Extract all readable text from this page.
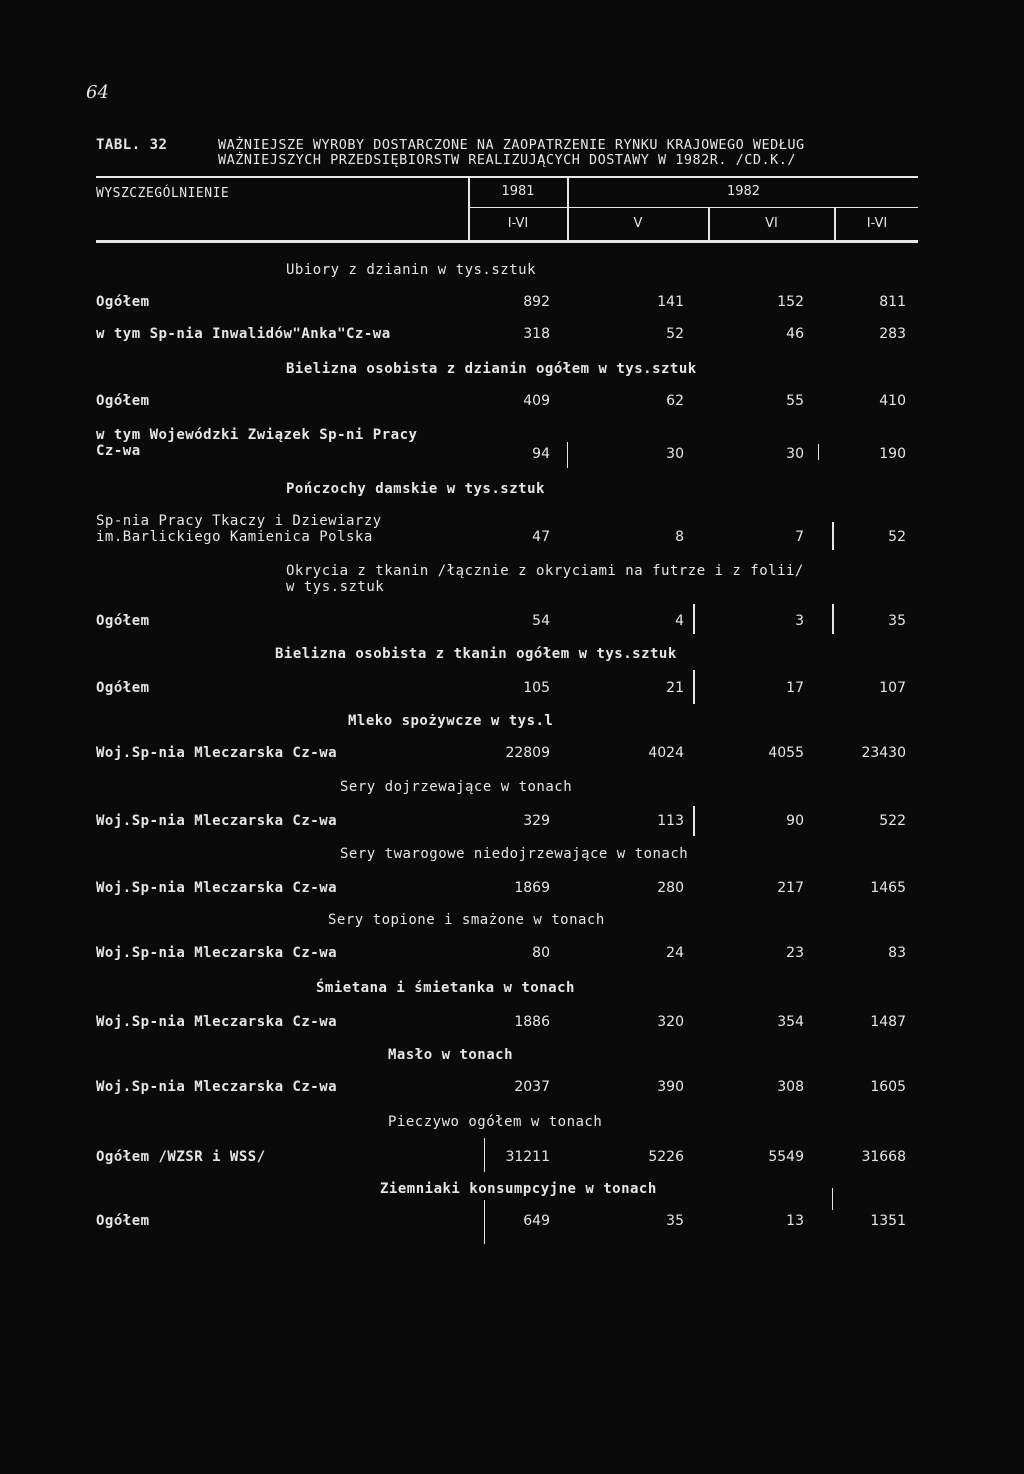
64
TABL. 32	WAŻNIEJSZE WYROBY DOSTARCZONE NA ZAOPATRZENIE RYNKU KRAJOWEGO WEDŁUG
WAŻNIEJSZYCH PRZEDSIĘBIORSTW REALIZUJĄCYCH DOSTAWY W 1982R. /CD.K./
WYSZCZEGÓLNIENIE	1981	1982
I-VI	V	VI	I-VI
Ubiory z dzianin w tys.sztuk
Ogółem	892	141	152	811
w tym Sp-nia Inwalidów"Anka"Cz-wa	318	52	46	283
Bielizna osobista z dzianin ogółem w tys.sztuk
Ogółem	409	62	55	410
w tym Wojewódzki Związek Sp-ni Pracy
Cz-wa	94	30	30	190
Pończochy damskie w tys.sztuk
Sp-nia Pracy Tkaczy i Dziewiarzy
im.Barlickiego Kamienica Polska	47	8	7	52
Okrycia z tkanin /łącznie z okryciami na futrze i z folii/
w tys.sztuk
Ogółem	54	4	3	35
Bielizna osobista z tkanin ogółem w tys.sztuk
Ogółem	105	21	17	107
Mleko spożywcze w tys.l
Woj.Sp-nia Mleczarska Cz-wa	22809	4024	4055	23430
Sery dojrzewające w tonach
Woj.Sp-nia Mleczarska Cz-wa	329	113	90	522
Sery twarogowe niedojrzewające w tonach
Woj.Sp-nia Mleczarska Cz-wa	1869	280	217	1465
Sery topione i smażone w tonach
Woj.Sp-nia Mleczarska Cz-wa	80	24	23	83
Śmietana i śmietanka w tonach
Woj.Sp-nia Mleczarska Cz-wa	1886	320	354	1487
Masło w tonach
Woj.Sp-nia Mleczarska Cz-wa	2037	390	308	1605
Pieczywo ogółem w tonach
Ogółem /WZSR i WSS/	31211	5226	5549	31668
Ziemniaki konsumpcyjne w tonach
Ogółem	649	35	13	1351
